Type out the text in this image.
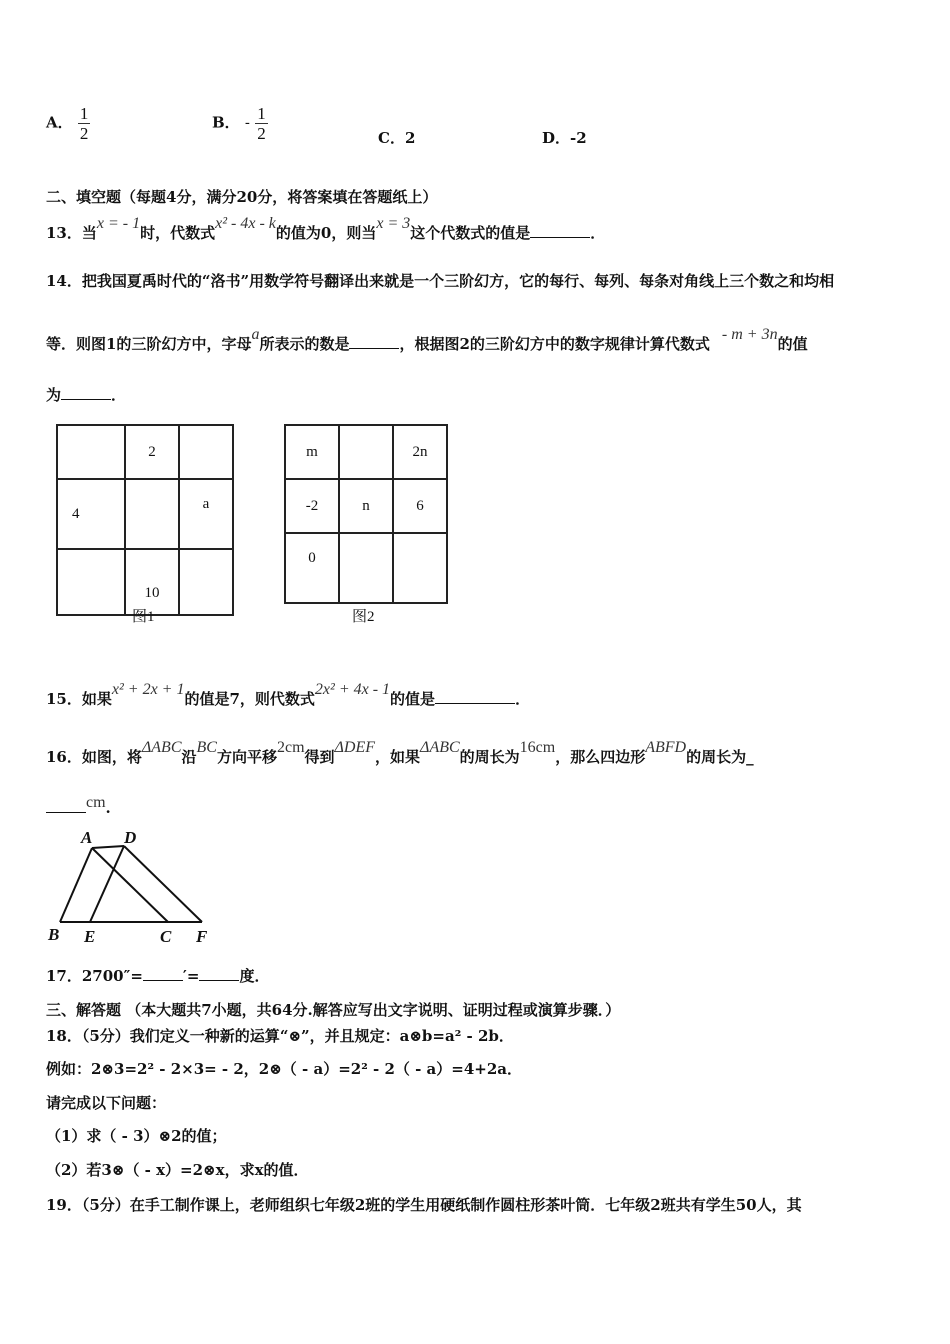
A． $\frac{1}{2}$	B． - $\frac{1}{2}$	C．2	D．-2
二、填空题（每题4分，满分20分，将答案填在答题纸上）
13．当x = - 1时，代数式x² - 4x - k的值为0，则当x = 3这个代数式的值是	．
14．把我国夏禹时代的“洛书”用数学符号翻译出来就是一个三阶幻方，它的每行、每列、每条对角线上三个数之和均相
等．则图1的三阶幻方中，字母a所表示的数是	，根据图2的三阶幻方中的数字规律计算代数式- m + 3n的值
为	．
	2	
4		a
	10	
图1
m		2n
-2	n	6
0		
图2
15．如果x² + 2x + 1的值是7，则代数式2x² + 4x - 1的值是	．
16．如图，将ΔABC沿BC方向平移2cm得到ΔDEF，如果ΔABC的周长为16cm，那么四边形ABFD的周长为_
cm.
A D
B E	C F
17．2700″=	′=	度．
三、解答题 （本大题共7小题，共64分.解答应写出文字说明、证明过程或演算步骤．）
18．（5分）我们定义一种新的运算“⊗”，并且规定：a⊗b=a² - 2b．
例如：2⊗3=2² - 2×3= - 2，2⊗（ - a）=2² - 2（ - a）=4+2a．
请完成以下问题：
（1）求（ - 3）⊗2的值；
（2）若3⊗（ - x）=2⊗x，求x的值．
19．（5分）在手工制作课上，老师组织七年级2班的学生用硬纸制作圆柱形茶叶筒．七年级2班共有学生50人，其
